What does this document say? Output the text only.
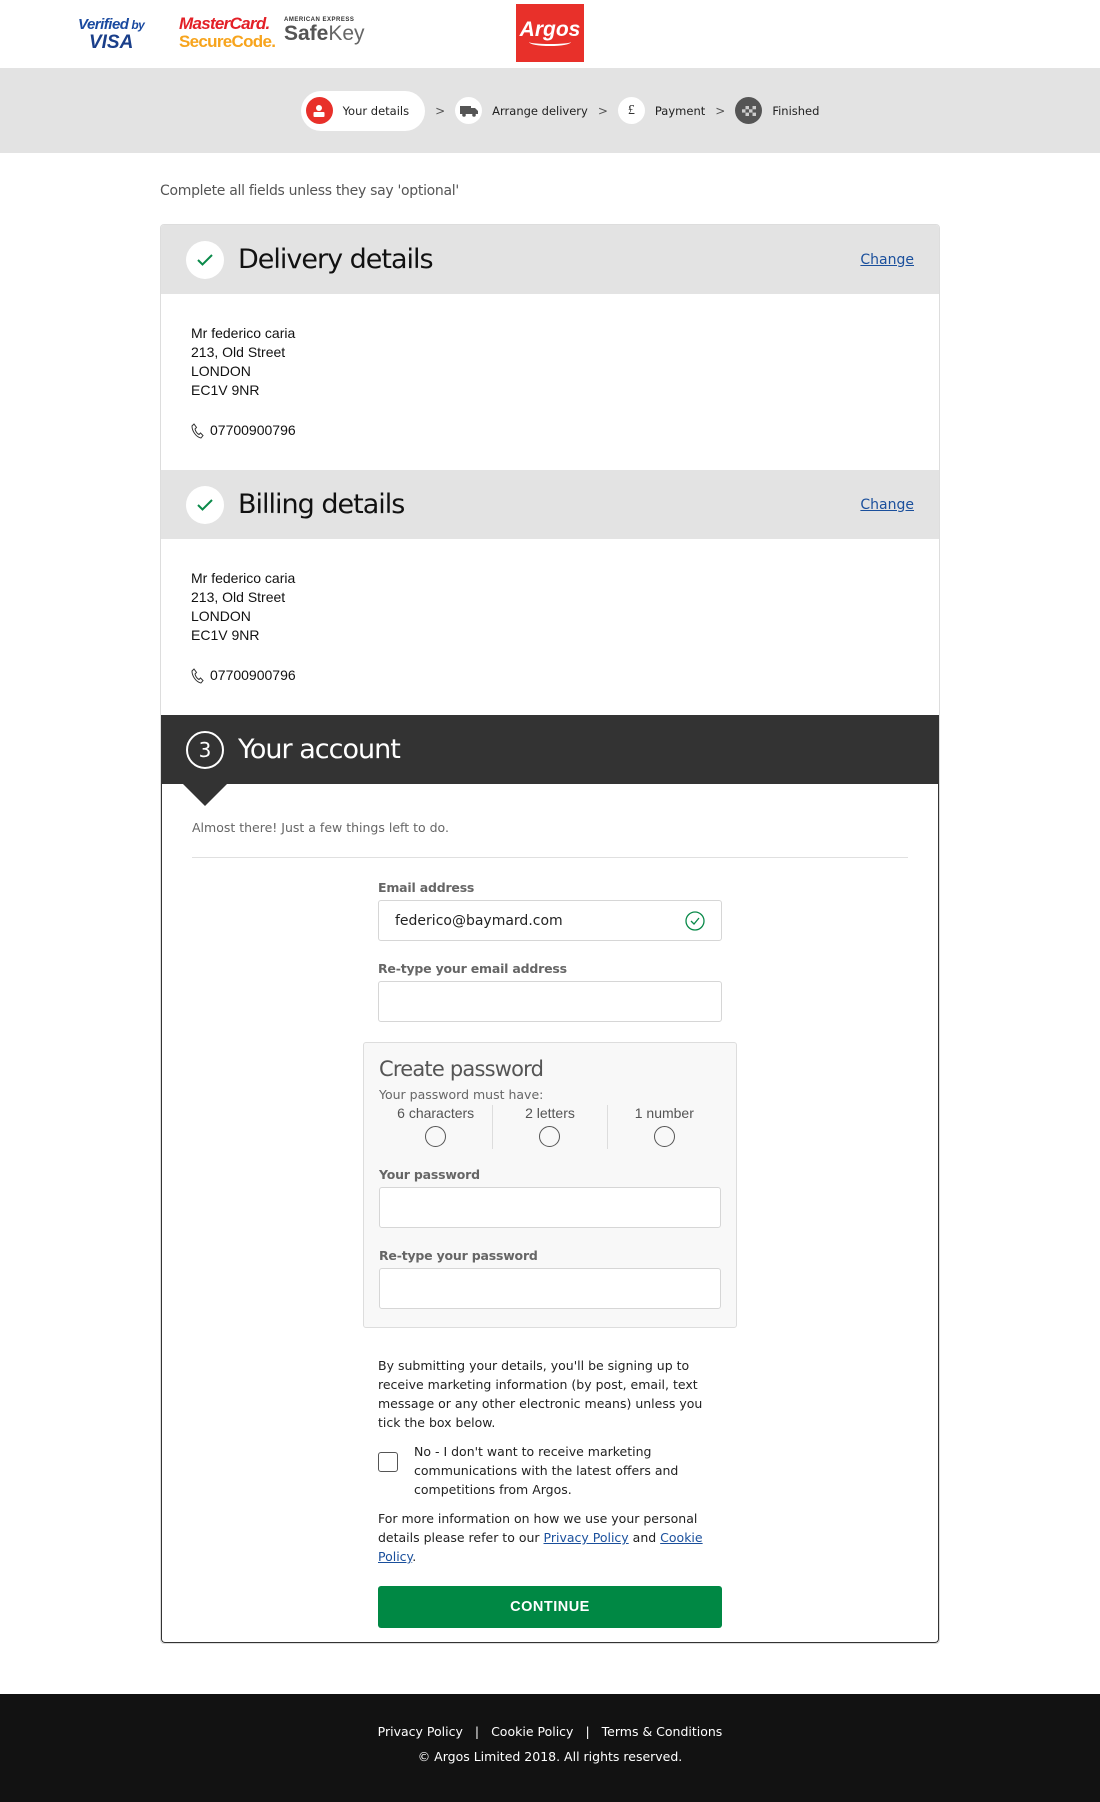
Verified by
VISA
MasterCard.
SecureCode.
AMERICAN EXPRESS
SafeKey	Argos
Your details >	Arrange delivery >	£	Payment >	Finished

Complete all fields unless they say 'optional'

Delivery details	Change
Mr federico caria
213, Old Street
LONDON
EC1V 9NR
07700900796
Billing details	Change
Mr federico caria
213, Old Street
LONDON
EC1V 9NR
07700900796
3 Your account

Almost there! Just a few things left to do.

Email address
federico@baymard.com
Re-type your email address
Create password
Your password must have:
6 characters	2 letters	1 number
Your password
Re-type your password

By submitting your details, you'll be signing up to receive marketing information (by post, email, text message or any other electronic means) unless you tick the box below.

No - I don't want to receive marketing communications with the latest offers and competitions from Argos.

For more information on how we use your personal details please refer to our Privacy Policy and Cookie Policy.

CONTINUE
Privacy Policy | Cookie Policy | Terms & Conditions
© Argos Limited 2018. All rights reserved.
